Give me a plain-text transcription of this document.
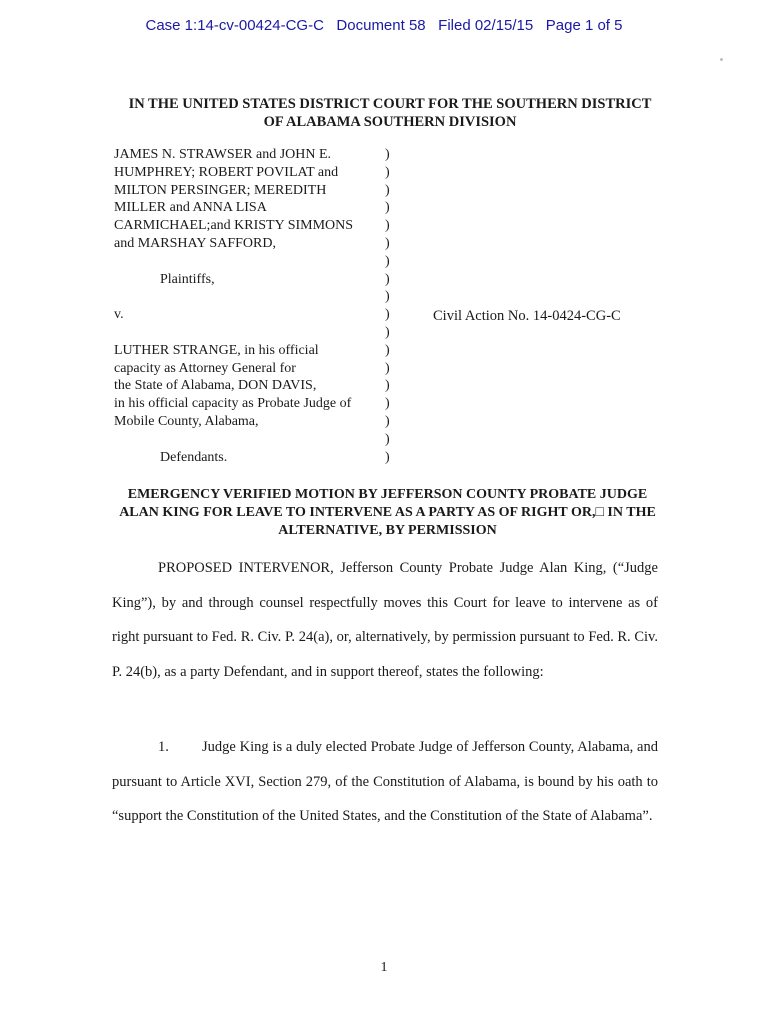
Case 1:14-cv-00424-CG-C Document 58 Filed 02/15/15 Page 1 of 5
IN THE UNITED STATES DISTRICT COURT FOR THE SOUTHERN DISTRICT OF ALABAMA SOUTHERN DIVISION
JAMES N. STRAWSER and JOHN E.
HUMPHREY; ROBERT POVILAT and
MILTON PERSINGER; MEREDITH
MILLER and ANNA LISA
CARMICHAEL;and KRISTY SIMMONS
and MARSHAY SAFFORD,
Plaintiffs,
v.
LUTHER STRANGE, in his official
capacity as Attorney General for
the State of Alabama, DON DAVIS,
in his official capacity as Probate Judge of
Mobile County, Alabama,
Defendants.
)
)
)
)
)
)
)
)
)
)
)
)
)
)
)
)
)
)
Civil Action No. 14-0424-CG-C
EMERGENCY VERIFIED MOTION BY JEFFERSON COUNTY PROBATE JUDGE ALAN KING FOR LEAVE TO INTERVENE AS A PARTY AS OF RIGHT OR,□ IN THE ALTERNATIVE, BY PERMISSION
PROPOSED INTERVENOR, Jefferson County Probate Judge Alan King, (“Judge King”), by and through counsel respectfully moves this Court for leave to intervene as of right pursuant to Fed. R. Civ. P. 24(a), or, alternatively, by permission pursuant to Fed. R. Civ. P. 24(b), as a party Defendant, and in support thereof, states the following:
1. Judge King is a duly elected Probate Judge of Jefferson County, Alabama, and pursuant to Article XVI, Section 279, of the Constitution of Alabama, is bound by his oath to “support the Constitution of the United States, and the Constitution of the State of Alabama”.
1
